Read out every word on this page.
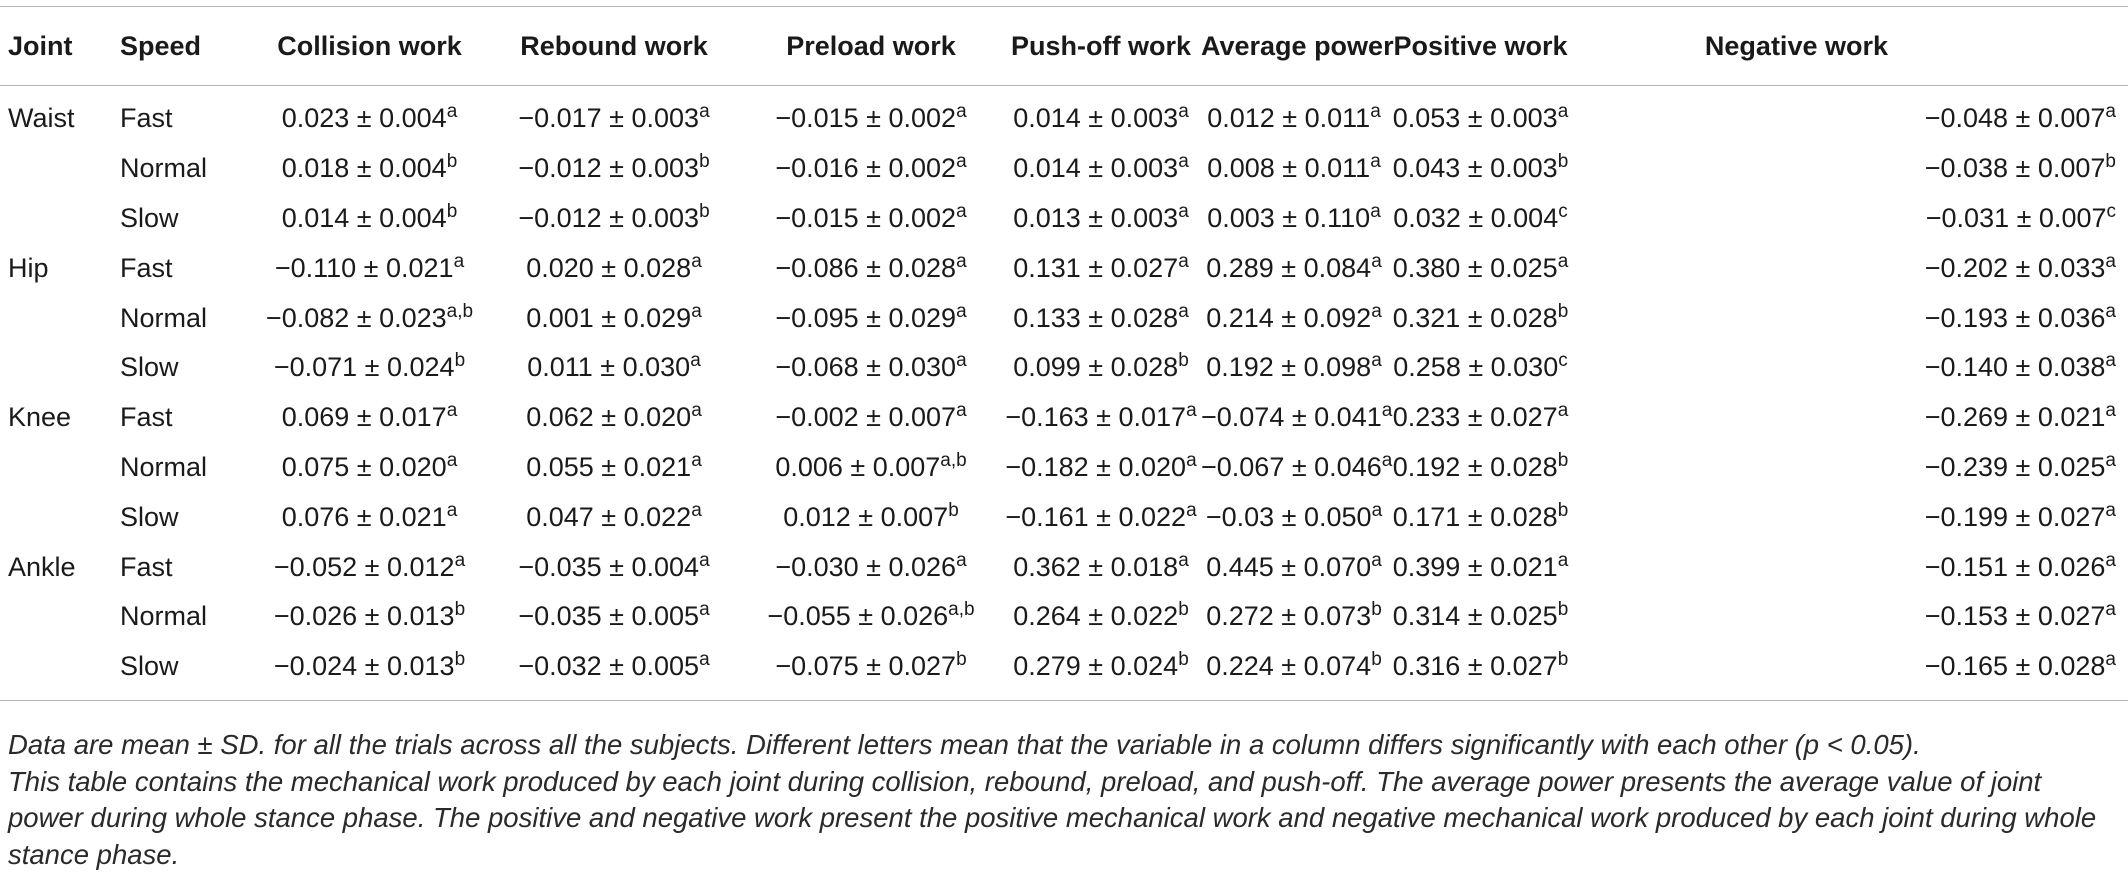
Joint	Speed	Collision work	Rebound work	Preload work	Push-off work	Average power	Positive work	Negative work
Waist	Fast	0.023 ± 0.004$^a$	−0.017 ± 0.003$^a$	−0.015 ± 0.002$^a$	0.014 ± 0.003$^a$	0.012 ± 0.011$^a$	0.053 ± 0.003$^a$	−0.048 ± 0.007$^a$
	Normal	0.018 ± 0.004$^b$	−0.012 ± 0.003$^b$	−0.016 ± 0.002$^a$	0.014 ± 0.003$^a$	0.008 ± 0.011$^a$	0.043 ± 0.003$^b$	−0.038 ± 0.007$^b$
	Slow	0.014 ± 0.004$^b$	−0.012 ± 0.003$^b$	−0.015 ± 0.002$^a$	0.013 ± 0.003$^a$	0.003 ± 0.110$^a$	0.032 ± 0.004$^c$	−0.031 ± 0.007$^c$
Hip	Fast	−0.110 ± 0.021$^a$	0.020 ± 0.028$^a$	−0.086 ± 0.028$^a$	0.131 ± 0.027$^a$	0.289 ± 0.084$^a$	0.380 ± 0.025$^a$	−0.202 ± 0.033$^a$
	Normal	$-0.082 \pm 0.023^{a,b}$	0.001 ± 0.029$^a$	−0.095 ± 0.029$^a$	0.133 ± 0.028$^a$	0.214 ± 0.092$^a$	0.321 ± 0.028$^b$	−0.193 ± 0.036$^a$
	Slow	−0.071 ± 0.024$^b$	0.011 ± 0.030$^a$	−0.068 ± 0.030$^a$	0.099 ± 0.028$^b$	0.192 ± 0.098$^a$	0.258 ± 0.030$^c$	−0.140 ± 0.038$^a$
Knee	Fast	0.069 ± 0.017$^a$	0.062 ± 0.020$^a$	−0.002 ± 0.007$^a$	−0.163 ± 0.017$^a$	−0.074 ± 0.041$^a$	0.233 ± 0.027$^a$	−0.269 ± 0.021$^a$
	Normal	0.075 ± 0.020$^a$	0.055 ± 0.021$^a$	$0.006 \pm 0.007^{a,b}$	−0.182 ± 0.020$^a$	−0.067 ± 0.046$^a$	0.192 ± 0.028$^b$	−0.239 ± 0.025$^a$
	Slow	0.076 ± 0.021$^a$	0.047 ± 0.022$^a$	0.012 ± 0.007$^b$	−0.161 ± 0.022$^a$	−0.03 ± 0.050$^a$	0.171 ± 0.028$^b$	−0.199 ± 0.027$^a$
Ankle	Fast	−0.052 ± 0.012$^a$	−0.035 ± 0.004$^a$	−0.030 ± 0.026$^a$	0.362 ± 0.018$^a$	0.445 ± 0.070$^a$	0.399 ± 0.021$^a$	−0.151 ± 0.026$^a$
	Normal	−0.026 ± 0.013$^b$	−0.035 ± 0.005$^a$	$-0.055 \pm 0.026^{a,b}$	0.264 ± 0.022$^b$	0.272 ± 0.073$^b$	0.314 ± 0.025$^b$	−0.153 ± 0.027$^a$
	Slow	−0.024 ± 0.013$^b$	−0.032 ± 0.005$^a$	−0.075 ± 0.027$^b$	0.279 ± 0.024$^b$	0.224 ± 0.074$^b$	0.316 ± 0.027$^b$	−0.165 ± 0.028$^a$

Data are mean ± SD. for all the trials across all the subjects. Different letters mean that the variable in a column differs significantly with each other (p < 0.05).

This table contains the mechanical work produced by each joint during collision, rebound, preload, and push-off. The average power presents the average value of joint power during whole stance phase. The positive and negative work present the positive mechanical work and negative mechanical work produced by each joint during whole stance phase.
